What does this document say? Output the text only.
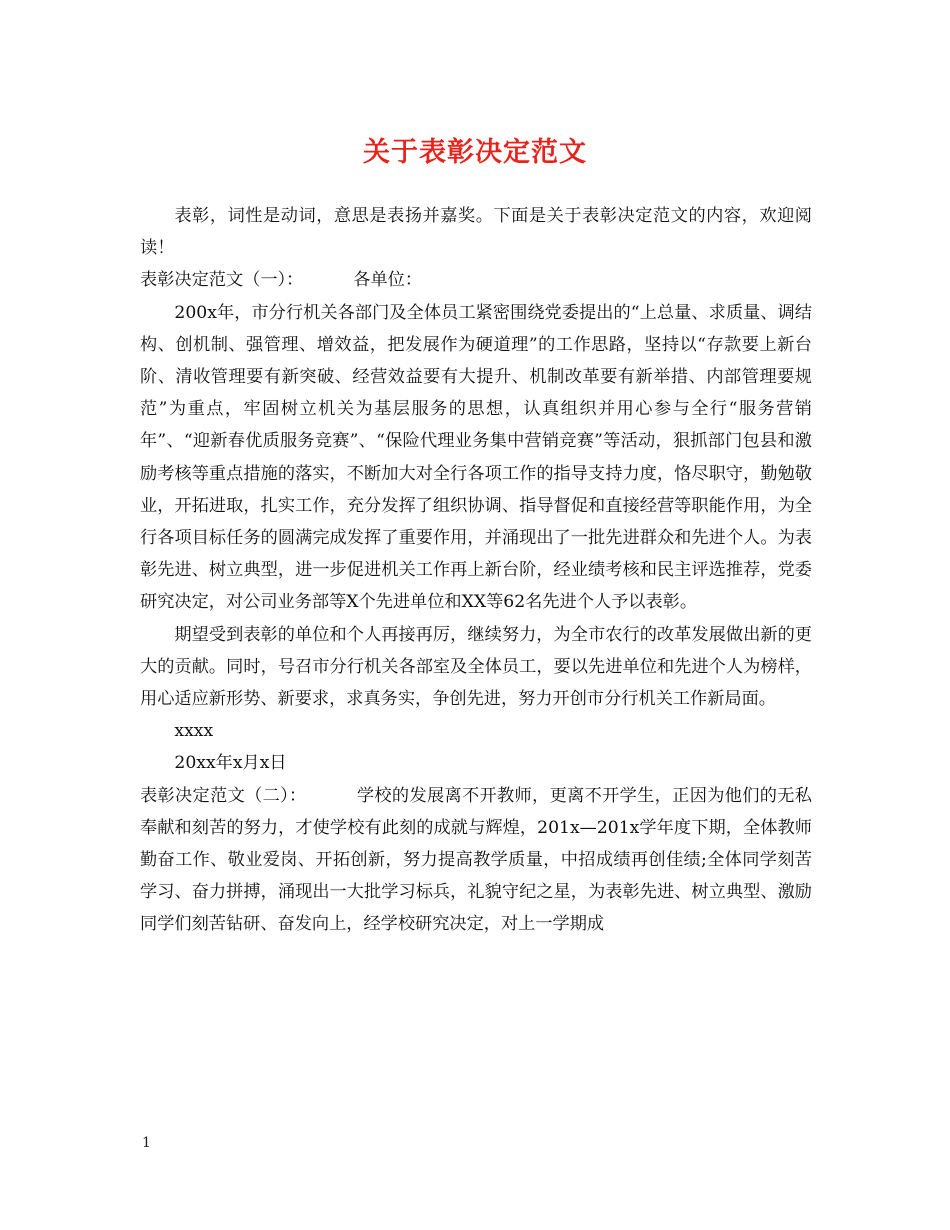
关于表彰决定范文

表彰，词性是动词，意思是表扬并嘉奖。下面是关于表彰决定范文的内容，欢迎阅读！

表彰决定范文（一）：	各单位：

200x年，市分行机关各部门及全体员工紧密围绕党委提出的“上总量、求质量、调结构、创机制、强管理、增效益，把发展作为硬道理”的工作思路，坚持以“存款要上新台阶、清收管理要有新突破、经营效益要有大提升、机制改革要有新举措、内部管理要规范”为重点，牢固树立机关为基层服务的思想，认真组织并用心参与全行“服务营销年”、“迎新春优质服务竞赛”、“保险代理业务集中营销竞赛”等活动，狠抓部门包县和激励考核等重点措施的落实，不断加大对全行各项工作的指导支持力度，恪尽职守，勤勉敬业，开拓进取，扎实工作，充分发挥了组织协调、指导督促和直接经营等职能作用，为全行各项目标任务的圆满完成发挥了重要作用，并涌现出了一批先进群众和先进个人。为表彰先进、树立典型，进一步促进机关工作再上新台阶，经业绩考核和民主评选推荐，党委研究决定，对公司业务部等X个先进单位和XX等62名先进个人予以表彰。

期望受到表彰的单位和个人再接再厉，继续努力，为全市农行的改革发展做出新的更大的贡献。同时，号召市分行机关各部室及全体员工，要以先进单位和先进个人为榜样，用心适应新形势、新要求，求真务实，争创先进，努力开创市分行机关工作新局面。

xxxx

20xx年x月x日

表彰决定范文（二）：	学校的发展离不开教师，更离不开学生，正因为他们的无私奉献和刻苦的努力，才使学校有此刻的成就与辉煌，201x—201x学年度下期，全体教师勤奋工作、敬业爱岗、开拓创新，努力提高教学质量，中招成绩再创佳绩;全体同学刻苦学习、奋力拼搏，涌现出一大批学习标兵，礼貌守纪之星，为表彰先进、树立典型、激励同学们刻苦钻研、奋发向上，经学校研究决定，对上一学期成

1
